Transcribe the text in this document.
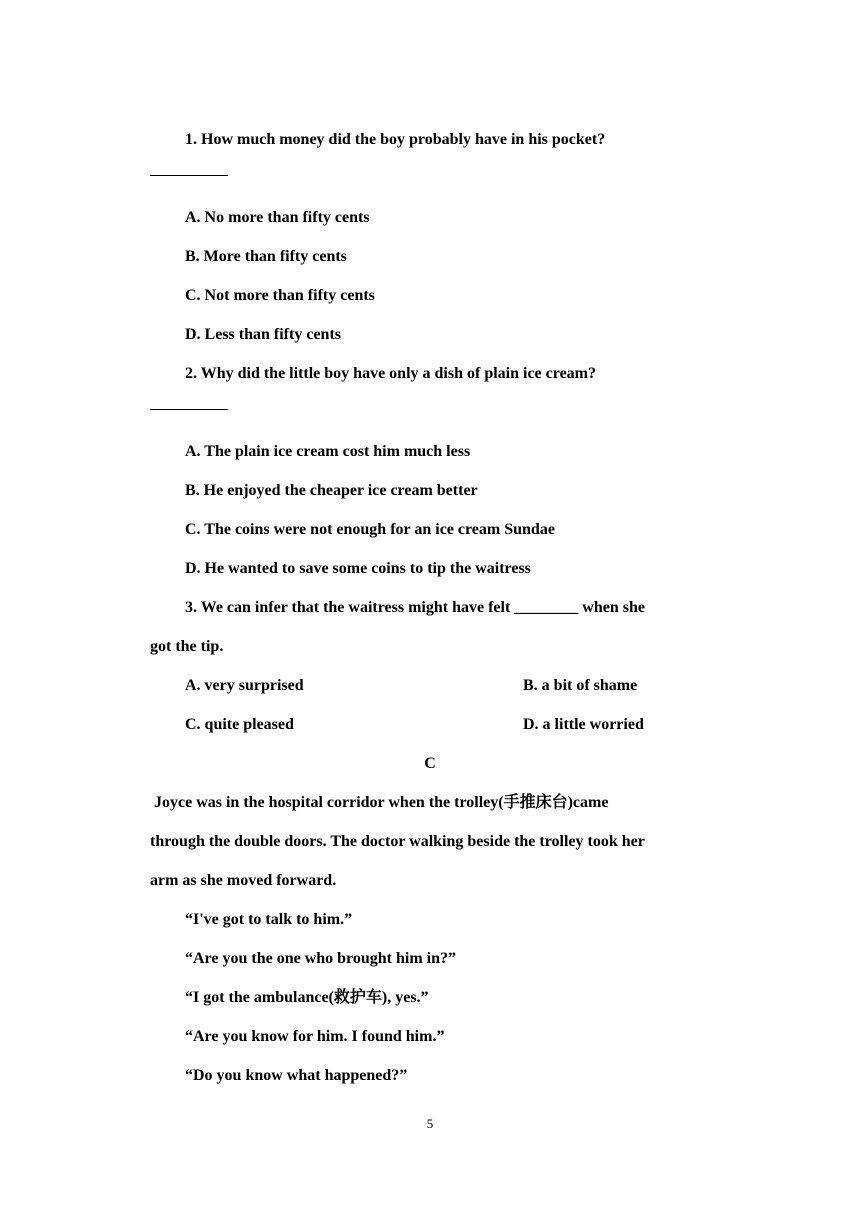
1. How much money did the boy probably have in his pocket?
A. No more than fifty cents
B. More than fifty cents
C. Not more than fifty cents
D. Less than fifty cents
2. Why did the little boy have only a dish of plain ice cream?
A. The plain ice cream cost him much less
B. He enjoyed the cheaper ice cream better
C. The coins were not enough for an ice cream Sundae
D. He wanted to save some coins to tip the waitress
3. We can infer that the waitress might have felt ________ when she
got the tip.
A. very surprised	B. a bit of shame
C. quite pleased	D. a little worried
C
Joyce was in the hospital corridor when the trolley(手推床台)came
through the double doors. The doctor walking beside the trolley took her
arm as she moved forward.
“I've got to talk to him.”
“Are you the one who brought him in?”
“I got the ambulance(救护车), yes.”
“Are you know for him. I found him.”
“Do you know what happened?”
5
